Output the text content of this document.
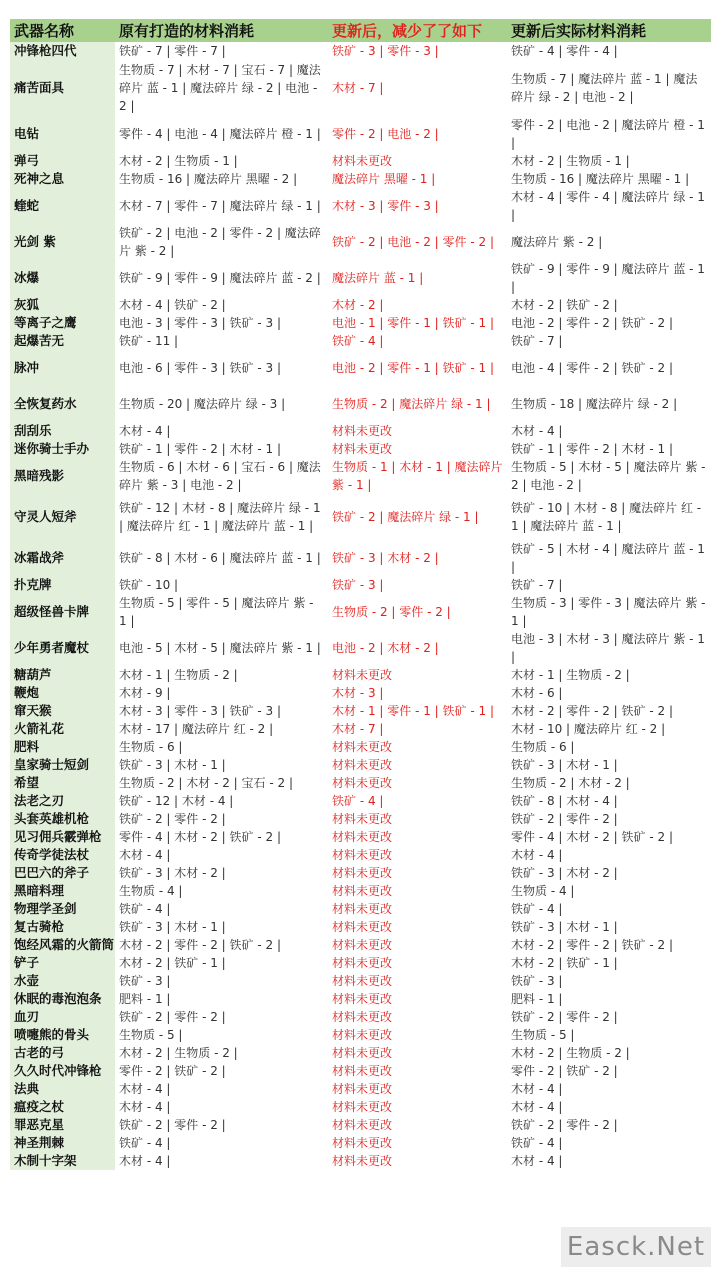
武器名称	原有打造的材料消耗	更新后，减少了了如下	更新后实际材料消耗
冲锋枪四代	铁矿 - 7 | 零件 - 7 |	铁矿 - 3 | 零件 - 3 |	铁矿 - 4 | 零件 - 4 |
痛苦面具	生物质 - 7 | 木材 - 7 | 宝石 - 7 | 魔法碎片 蓝 - 1 | 魔法碎片 绿 - 2 | 电池 - 2 |	木材 - 7 |	生物质 - 7 | 魔法碎片 蓝 - 1 | 魔法碎片 绿 - 2 | 电池 - 2 |
电钻	零件 - 4 | 电池 - 4 | 魔法碎片 橙 - 1 |	零件 - 2 | 电池 - 2 |	零件 - 2 | 电池 - 2 | 魔法碎片 橙 - 1 |
弹弓	木材 - 2 | 生物质 - 1 |	材料未更改	木材 - 2 | 生物质 - 1 |
死神之息	生物质 - 16 | 魔法碎片 黑曜 - 2 |	魔法碎片 黑曜 - 1 |	生物质 - 16 | 魔法碎片 黑曜 - 1 |
蝰蛇	木材 - 7 | 零件 - 7 | 魔法碎片 绿 - 1 |	木材 - 3 | 零件 - 3 |	木材 - 4 | 零件 - 4 | 魔法碎片 绿 - 1 |
光剑 紫	铁矿 - 2 | 电池 - 2 | 零件 - 2 | 魔法碎片 紫 - 2 |	铁矿 - 2 | 电池 - 2 | 零件 - 2 |	魔法碎片 紫 - 2 |
冰爆	铁矿 - 9 | 零件 - 9 | 魔法碎片 蓝 - 2 |	魔法碎片 蓝 - 1 |	铁矿 - 9 | 零件 - 9 | 魔法碎片 蓝 - 1 |
灰狐	木材 - 4 | 铁矿 - 2 |	木材 - 2 |	木材 - 2 | 铁矿 - 2 |
等离子之鹰	电池 - 3 | 零件 - 3 | 铁矿 - 3 |	电池 - 1 | 零件 - 1 | 铁矿 - 1 |	电池 - 2 | 零件 - 2 | 铁矿 - 2 |
起爆苦无	铁矿 - 11 |	铁矿 - 4 |	铁矿 - 7 |
脉冲	电池 - 6 | 零件 - 3 | 铁矿 - 3 |	电池 - 2 | 零件 - 1 | 铁矿 - 1 |	电池 - 4 | 零件 - 2 | 铁矿 - 2 |
全恢复药水	生物质 - 20 | 魔法碎片 绿 - 3 |	生物质 - 2 | 魔法碎片 绿 - 1 |	生物质 - 18 | 魔法碎片 绿 - 2 |
刮刮乐	木材 - 4 |	材料未更改	木材 - 4 |
迷你骑士手办	铁矿 - 1 | 零件 - 2 | 木材 - 1 |	材料未更改	铁矿 - 1 | 零件 - 2 | 木材 - 1 |
黑暗残影	生物质 - 6 | 木材 - 6 | 宝石 - 6 | 魔法碎片 紫 - 3 | 电池 - 2 |	生物质 - 1 | 木材 - 1 | 魔法碎片 紫 - 1 |	生物质 - 5 | 木材 - 5 | 魔法碎片 紫 - 2 | 电池 - 2 |
守灵人短斧	铁矿 - 12 | 木材 - 8 | 魔法碎片 绿 - 1 | 魔法碎片 红 - 1 | 魔法碎片 蓝 - 1 |	铁矿 - 2 | 魔法碎片 绿 - 1 |	铁矿 - 10 | 木材 - 8 | 魔法碎片 红 - 1 | 魔法碎片 蓝 - 1 |
冰霜战斧	铁矿 - 8 | 木材 - 6 | 魔法碎片 蓝 - 1 |	铁矿 - 3 | 木材 - 2 |	铁矿 - 5 | 木材 - 4 | 魔法碎片 蓝 - 1 |
扑克牌	铁矿 - 10 |	铁矿 - 3 |	铁矿 - 7 |
超级怪兽卡牌	生物质 - 5 | 零件 - 5 | 魔法碎片 紫 - 1 |	生物质 - 2 | 零件 - 2 |	生物质 - 3 | 零件 - 3 | 魔法碎片 紫 - 1 |
少年勇者魔杖	电池 - 5 | 木材 - 5 | 魔法碎片 紫 - 1 |	电池 - 2 | 木材 - 2 |	电池 - 3 | 木材 - 3 | 魔法碎片 紫 - 1 |
糖葫芦	木材 - 1 | 生物质 - 2 |	材料未更改	木材 - 1 | 生物质 - 2 |
鞭炮	木材 - 9 |	木材 - 3 |	木材 - 6 |
窜天猴	木材 - 3 | 零件 - 3 | 铁矿 - 3 |	木材 - 1 | 零件 - 1 | 铁矿 - 1 |	木材 - 2 | 零件 - 2 | 铁矿 - 2 |
火箭礼花	木材 - 17 | 魔法碎片 红 - 2 |	木材 - 7 |	木材 - 10 | 魔法碎片 红 - 2 |
肥料	生物质 - 6 |	材料未更改	生物质 - 6 |
皇家骑士短剑	铁矿 - 3 | 木材 - 1 |	材料未更改	铁矿 - 3 | 木材 - 1 |
希望	生物质 - 2 | 木材 - 2 | 宝石 - 2 |	材料未更改	生物质 - 2 | 木材 - 2 |
法老之刃	铁矿 - 12 | 木材 - 4 |	铁矿 - 4 |	铁矿 - 8 | 木材 - 4 |
头套英雄机枪	铁矿 - 2 | 零件 - 2 |	材料未更改	铁矿 - 2 | 零件 - 2 |
见习佣兵霰弹枪	零件 - 4 | 木材 - 2 | 铁矿 - 2 |	材料未更改	零件 - 4 | 木材 - 2 | 铁矿 - 2 |
传奇学徒法杖	木材 - 4 |	材料未更改	木材 - 4 |
巴巴六的斧子	铁矿 - 3 | 木材 - 2 |	材料未更改	铁矿 - 3 | 木材 - 2 |
黑暗料理	生物质 - 4 |	材料未更改	生物质 - 4 |
物理学圣剑	铁矿 - 4 |	材料未更改	铁矿 - 4 |
复古骑枪	铁矿 - 3 | 木材 - 1 |	材料未更改	铁矿 - 3 | 木材 - 1 |
饱经风霜的火箭筒	木材 - 2 | 零件 - 2 | 铁矿 - 2 |	材料未更改	木材 - 2 | 零件 - 2 | 铁矿 - 2 |
铲子	木材 - 2 | 铁矿 - 1 |	材料未更改	木材 - 2 | 铁矿 - 1 |
水壶	铁矿 - 3 |	材料未更改	铁矿 - 3 |
休眠的毒泡泡条	肥料 - 1 |	材料未更改	肥料 - 1 |
血刃	铁矿 - 2 | 零件 - 2 |	材料未更改	铁矿 - 2 | 零件 - 2 |
喷嚏熊的骨头	生物质 - 5 |	材料未更改	生物质 - 5 |
古老的弓	木材 - 2 | 生物质 - 2 |	材料未更改	木材 - 2 | 生物质 - 2 |
久久时代冲锋枪	零件 - 2 | 铁矿 - 2 |	材料未更改	零件 - 2 | 铁矿 - 2 |
法典	木材 - 4 |	材料未更改	木材 - 4 |
瘟疫之杖	木材 - 4 |	材料未更改	木材 - 4 |
罪恶克星	铁矿 - 2 | 零件 - 2 |	材料未更改	铁矿 - 2 | 零件 - 2 |
神圣荆棘	铁矿 - 4 |	材料未更改	铁矿 - 4 |
木制十字架	木材 - 4 |	材料未更改	木材 - 4 |
Easck.Net
